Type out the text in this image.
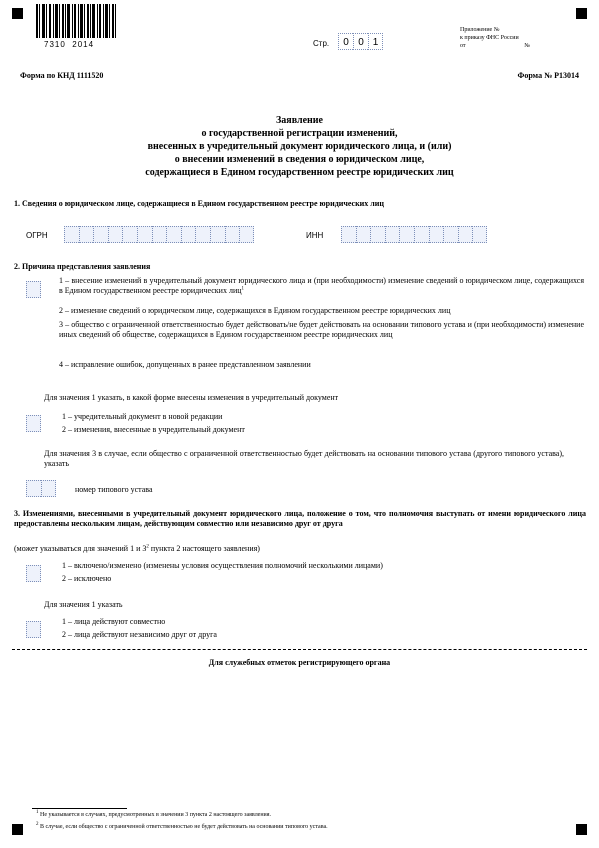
7310  2014	Стр.	0 0 1
Приложение №
к приказу ФНС России
от	№
Форма по КНД 1111520	Форма № Р13014
Заявление
о государственной регистрации изменений,
внесенных в учредительный документ юридического лица, и (или)
о внесении изменений в сведения о юридическом лице,
содержащиеся в Едином государственном реестре юридических лиц
1. Сведения о юридическом лице, содержащиеся в Едином государственном реестре юридических лиц
ОГРН	ИНН
2. Причина представления заявления
1 – внесение изменений в учредительный документ юридического лица и (при необходимости) изменение сведений о юридическом лице, содержащихся в Едином государственном реестре юридических лиц$^1$
2 – изменение сведений о юридическом лице, содержащихся в Едином государственном реестре юридических лиц
3 – общество с ограниченной ответственностью будет действовать/не будет действовать на основании типового устава и (при необходимости) изменение иных сведений об обществе, содержащихся в Едином государственном реестре юридических лиц
4 – исправление ошибок, допущенных в ранее представленном заявлении
Для значения 1 указать, в какой форме внесены изменения в учредительный документ
1 – учредительный документ в новой редакции
2 – изменения, внесенные в учредительный документ
Для значения 3 в случае, если общество с ограниченной ответственностью будет действовать на основании типового устава (другого типового устава), указать
номер типового устава
3. Изменениями, внесенными в учредительный документ юридического лица, положение о том, что полномочия выступать от имени юридического лица предоставлены нескольким лицам, действующим совместно или независимо друг от друга
(может указываться для значений 1 и $3^2$ пункта 2 настоящего заявления)
1 – включено/изменено (изменены условия осуществления полномочий несколькими лицами)
2 – исключено
Для значения 1 указать
1 – лица действуют совместно
2 – лица действуют независимо друг от друга
Для служебных отметок регистрирующего органа
$^1$ Не указывается в случаях, предусмотренных в значении 3 пункта 2 настоящего заявления.
$^2$ В случае, если общество с ограниченной ответственностью не будет действовать на основании типового устава.
